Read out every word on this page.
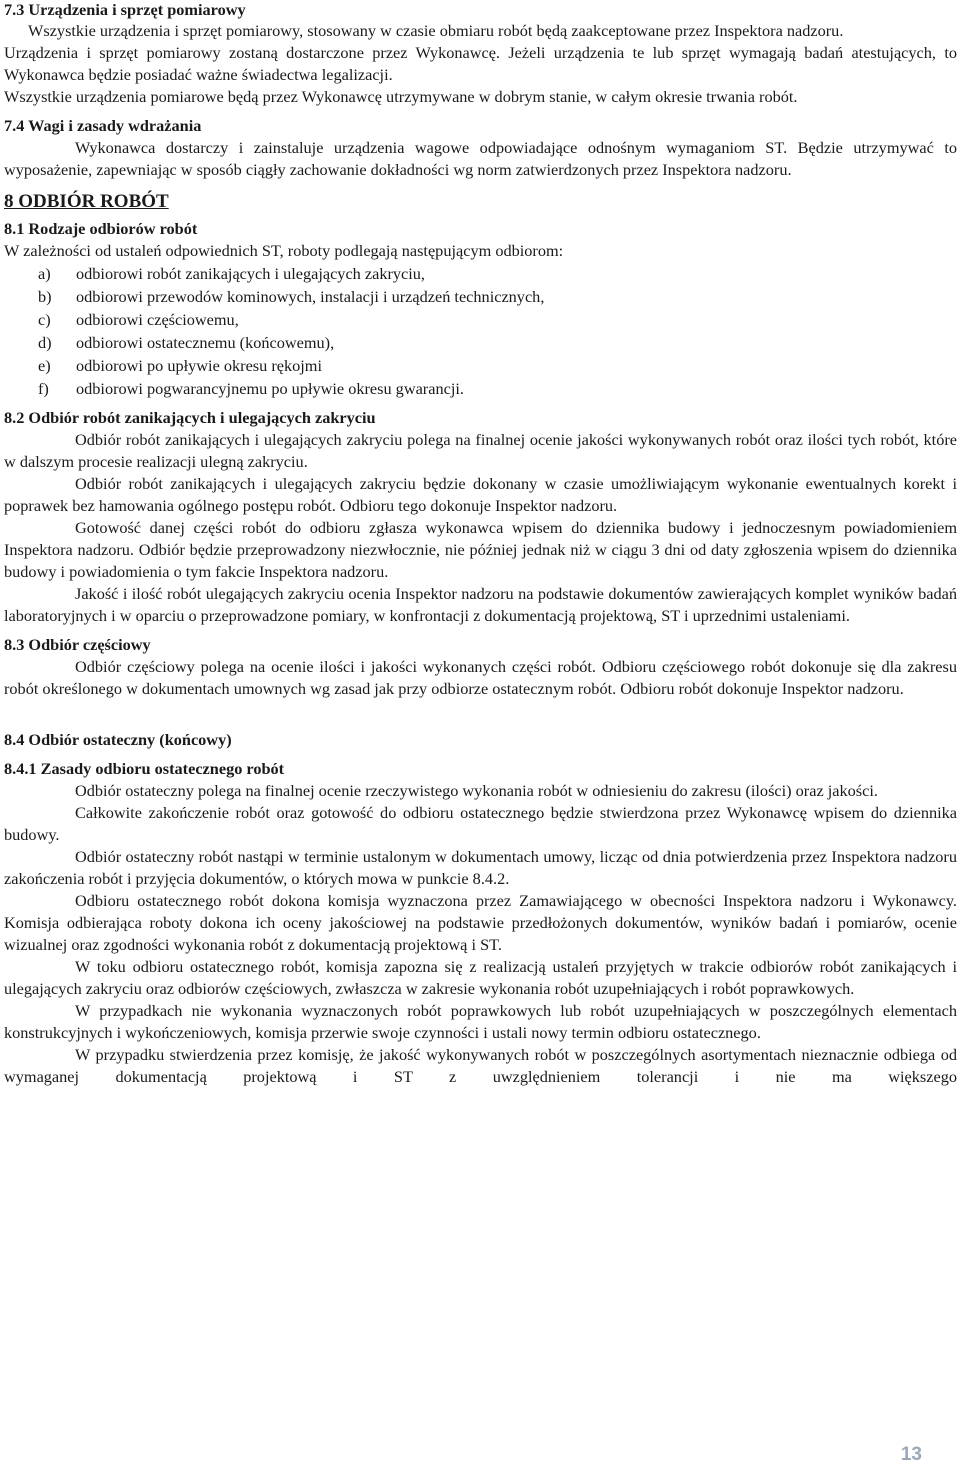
7.3 Urządzenia i sprzęt pomiarowy

Wszystkie urządzenia i sprzęt pomiarowy, stosowany w czasie obmiaru robót będą zaakceptowane przez Inspektora nadzoru.

Urządzenia i sprzęt pomiarowy zostaną dostarczone przez Wykonawcę. Jeżeli urządzenia te lub sprzęt wymagają badań atestujących, to Wykonawca będzie posiadać ważne świadectwa legalizacji.

Wszystkie urządzenia pomiarowe będą przez Wykonawcę utrzymywane w dobrym stanie, w całym okresie trwania robót.

7.4 Wagi i zasady wdrażania

Wykonawca dostarczy i zainstaluje urządzenia wagowe odpowiadające odnośnym wymaganiom ST. Będzie utrzymywać to wyposażenie, zapewniając w sposób ciągły zachowanie dokładności wg norm zatwierdzonych przez Inspektora nadzoru.

8 ODBIÓR ROBÓT
8.1 Rodzaje odbiorów robót

W zależności od ustaleń odpowiednich ST, roboty podlegają następującym odbiorom:

a)	odbiorowi robót zanikających i ulegających zakryciu,
b)	odbiorowi przewodów kominowych, instalacji i urządzeń technicznych,
c)	odbiorowi częściowemu,
d)	odbiorowi ostatecznemu (końcowemu),
e)	odbiorowi po upływie okresu rękojmi
f)	odbiorowi pogwarancyjnemu po upływie okresu gwarancji.
8.2 Odbiór robót zanikających i ulegających zakryciu

Odbiór robót zanikających i ulegających zakryciu polega na finalnej ocenie jakości wykonywanych robót oraz ilości tych robót, które w dalszym procesie realizacji ulegną zakryciu.

Odbiór robót zanikających i ulegających zakryciu będzie dokonany w czasie umożliwiającym wykonanie ewentualnych korekt i poprawek bez hamowania ogólnego postępu robót. Odbioru tego dokonuje Inspektor nadzoru.

Gotowość danej części robót do odbioru zgłasza wykonawca wpisem do dziennika budowy i jednoczesnym powiadomieniem Inspektora nadzoru. Odbiór będzie przeprowadzony niezwłocznie, nie później jednak niż w ciągu 3 dni od daty zgłoszenia wpisem do dziennika budowy i powiadomienia o tym fakcie Inspektora nadzoru.

Jakość i ilość robót ulegających zakryciu ocenia Inspektor nadzoru na podstawie dokumentów zawierających komplet wyników badań laboratoryjnych i w oparciu o przeprowadzone pomiary, w konfrontacji z dokumentacją projektową, ST i uprzednimi ustaleniami.

8.3 Odbiór częściowy

Odbiór częściowy polega na ocenie ilości i jakości wykonanych części robót. Odbioru częściowego robót dokonuje się dla zakresu robót określonego w dokumentach umownych wg zasad jak przy odbiorze ostatecznym robót. Odbioru robót dokonuje Inspektor nadzoru.

8.4 Odbiór ostateczny (końcowy)
8.4.1 Zasady odbioru ostatecznego robót

Odbiór ostateczny polega na finalnej ocenie rzeczywistego wykonania robót w odniesieniu do zakresu (ilości) oraz jakości.

Całkowite zakończenie robót oraz gotowość do odbioru ostatecznego będzie stwierdzona przez Wykonawcę wpisem do dziennika budowy.

Odbiór ostateczny robót nastąpi w terminie ustalonym w dokumentach umowy, licząc od dnia potwierdzenia przez Inspektora nadzoru zakończenia robót i przyjęcia dokumentów, o których mowa w punkcie 8.4.2.

Odbioru ostatecznego robót dokona komisja wyznaczona przez Zamawiającego w obecności Inspektora nadzoru i Wykonawcy. Komisja odbierająca roboty dokona ich oceny jakościowej na podstawie przedłożonych dokumentów, wyników badań i pomiarów, ocenie wizualnej oraz zgodności wykonania robót z dokumentacją projektową i ST.

W toku odbioru ostatecznego robót, komisja zapozna się z realizacją ustaleń przyjętych w trakcie odbiorów robót zanikających i ulegających zakryciu oraz odbiorów częściowych, zwłaszcza w zakresie wykonania robót uzupełniających i robót poprawkowych.

W przypadkach nie wykonania wyznaczonych robót poprawkowych lub robót uzupełniających w poszczególnych elementach konstrukcyjnych i wykończeniowych, komisja przerwie swoje czynności i ustali nowy termin odbioru ostatecznego.

W przypadku stwierdzenia przez komisję, że jakość wykonywanych robót w poszczególnych asortymentach nieznacznie odbiega od wymaganej dokumentacją projektową i ST z uwzględnieniem tolerancji i nie ma większego

13
